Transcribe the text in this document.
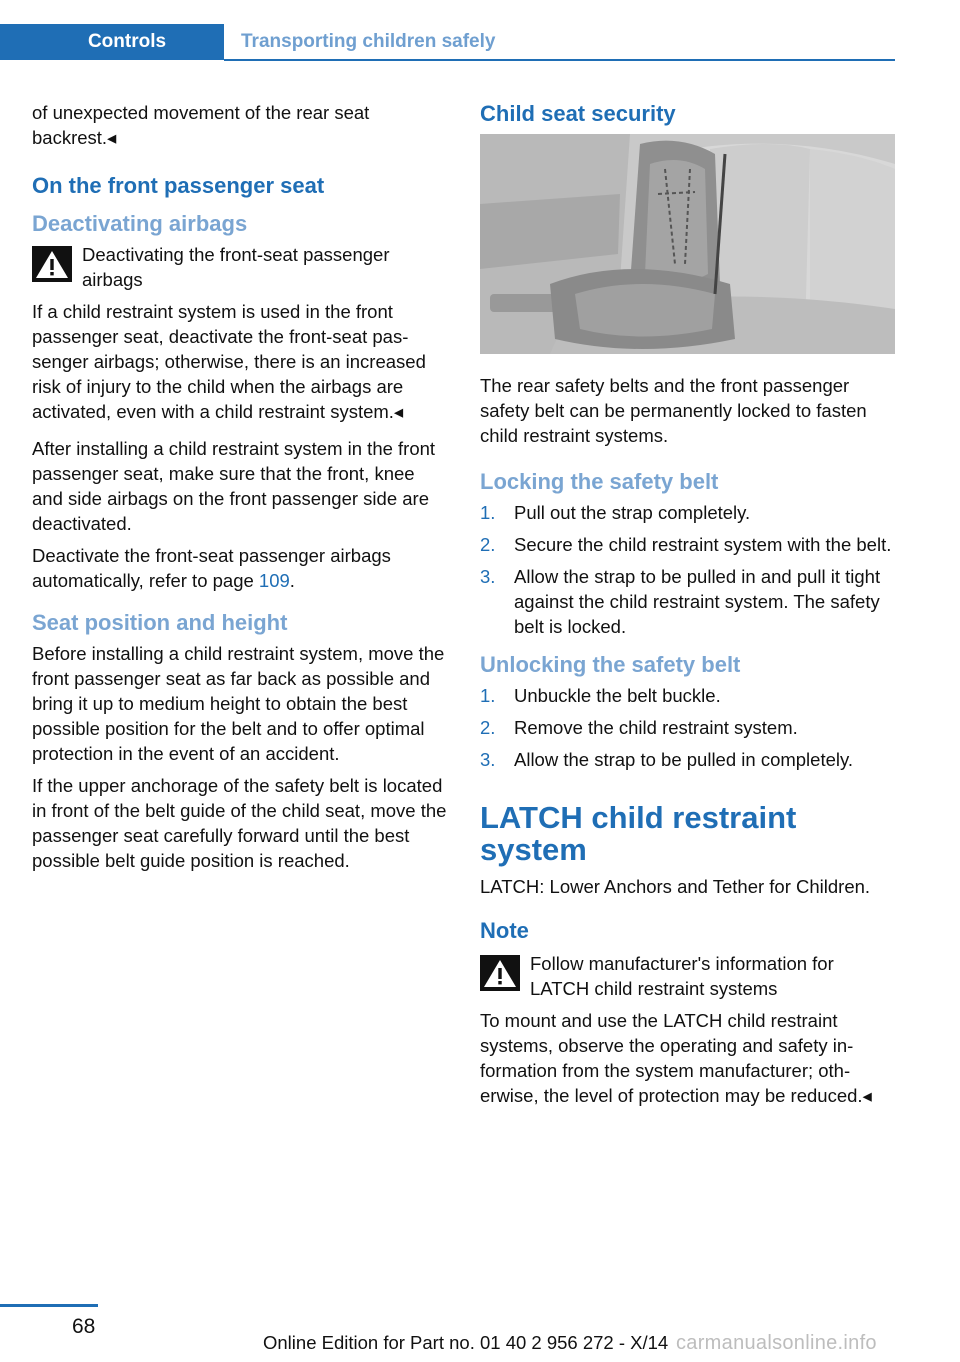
Controls	Transporting children safely

of unexpected movement of the rear seat backrest.◂

On the front passenger seat
Deactivating airbags

Deactivating the front-seat passenger airbags

If a child restraint system is used in the front passenger seat, deactivate the front-seat passenger airbags; otherwise, there is an increased risk of injury to the child when the airbags are activated, even with a child restraint system.◂

After installing a child restraint system in the front passenger seat, make sure that the front, knee and side airbags on the front passenger side are deactivated.

Deactivate the front-seat passenger airbags automatically, refer to page 109.

Seat position and height

Before installing a child restraint system, move the front passenger seat as far back as possible and bring it up to medium height to obtain the best possible position for the belt and to offer optimal protection in the event of an accident.

If the upper anchorage of the safety belt is located in front of the belt guide of the child seat, move the passenger seat carefully forward until the best possible belt guide position is reached.

Child seat security

The rear safety belts and the front passenger safety belt can be permanently locked to fasten child restraint systems.

Locking the safety belt
1. Pull out the strap completely.
2. Secure the child restraint system with the belt.
3. Allow the strap to be pulled in and pull it tight against the child restraint system. The safety belt is locked.
Unlocking the safety belt
1. Unbuckle the belt buckle.
2. Remove the child restraint system.
3. Allow the strap to be pulled in completely.
LATCH child restraint system

LATCH: Lower Anchors and Tether for Children.

Note

Follow manufacturer's information for LATCH child restraint systems

To mount and use the LATCH child restraint systems, observe the operating and safety information from the system manufacturer; otherwise, the level of protection may be reduced.◂

68
Online Edition for Part no. 01 40 2 956 272 - X/14 carmanualsonline.info
